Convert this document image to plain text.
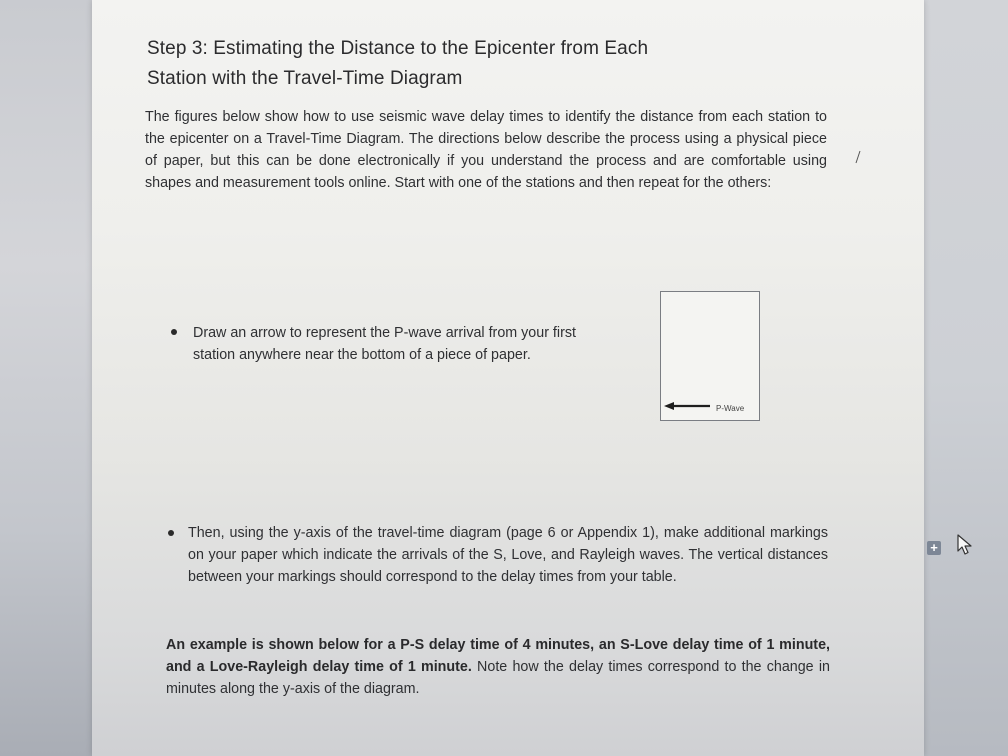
Step 3: Estimating the Distance to the Epicenter from Each
Station with the Travel-Time Diagram

The figures below show how to use seismic wave delay times to identify the distance from each station to the epicenter on a Travel-Time Diagram. The directions below describe the process using a physical piece of paper, but this can be done electronically if you understand the process and are comfortable using shapes and measurement tools online. Start with one of the stations and then repeat for the others:

Draw an arrow to represent the P-wave arrival from your first station anywhere near the bottom of a piece of paper.

P-Wave

Then, using the y-axis of the travel-time diagram (page 6 or Appendix 1), make additional markings on your paper which indicate the arrivals of the S, Love, and Rayleigh waves. The vertical distances between your markings should correspond to the delay times from your table.

An example is shown below for a P-S delay time of 4 minutes, an S-Love delay time of 1 minute, and a Love-Rayleigh delay time of 1 minute. Note how the delay times correspond to the change in minutes along the y-axis of the diagram.

+
